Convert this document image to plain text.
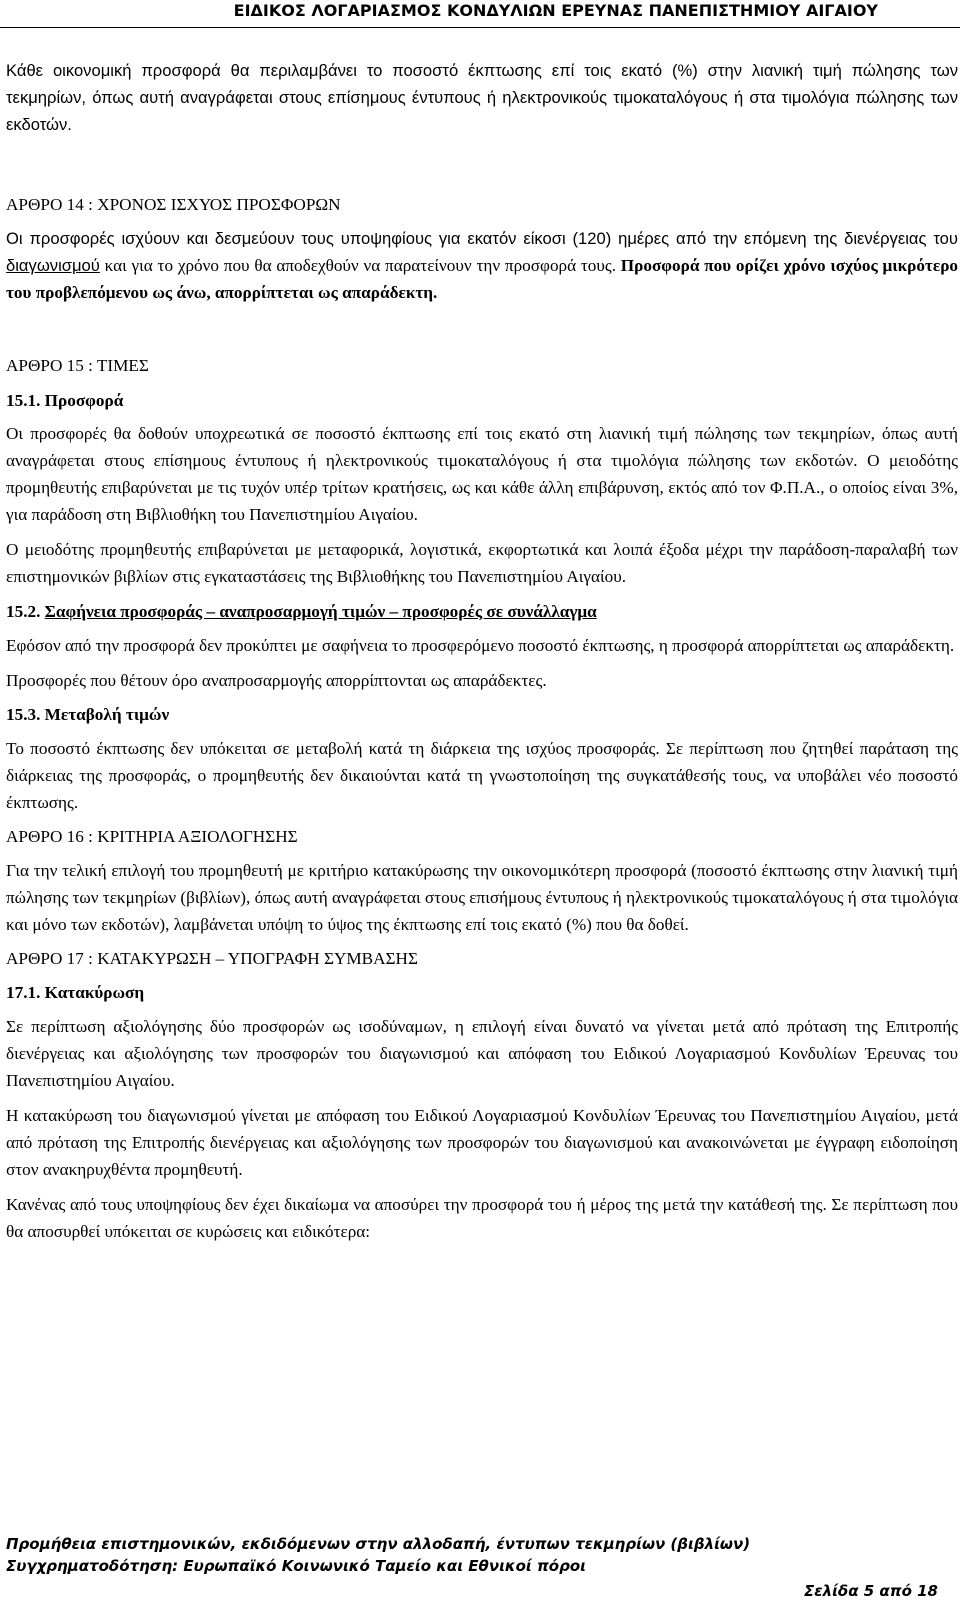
ΕΙΔΙΚΟΣ ΛΟΓΑΡΙΑΣΜΟΣ ΚΟΝΔΥΛΙΩΝ ΕΡΕΥΝΑΣ ΠΑΝΕΠΙΣΤΗΜΙΟΥ ΑΙΓΑΙΟΥ

Κάθε οικονομική προσφορά θα περιλαμβάνει το ποσοστό έκπτωσης επί τοις εκατό (%) στην λιανική τιμή πώλησης των τεκμηρίων, όπως αυτή αναγράφεται στους επίσημους έντυπους ή ηλεκτρονικούς τιμοκαταλόγους ή στα τιμολόγια πώλησης των εκδοτών.

ΑΡΘΡΟ 14 : ΧΡΟΝΟΣ ΙΣΧΥΟΣ ΠΡΟΣΦΟΡΩΝ

Οι προσφορές ισχύουν και δεσμεύουν τους υποψηφίους για εκατόν είκοσι (120) ημέρες από την επόμενη της διενέργειας του διαγωνισμού και για το χρόνο που θα αποδεχθούν να παρατείνουν την προσφορά τους. Προσφορά που ορίζει χρόνο ισχύος μικρότερο του προβλεπόμενου ως άνω, απορρίπτεται ως απαράδεκτη.

ΑΡΘΡΟ 15 : ΤΙΜΕΣ

15.1. Προσφορά

Οι προσφορές θα δοθούν υποχρεωτικά σε ποσοστό έκπτωσης επί τοις εκατό στη λιανική τιμή πώλησης των τεκμηρίων, όπως αυτή αναγράφεται στους επίσημους έντυπους ή ηλεκτρονικούς τιμοκαταλόγους ή στα τιμολόγια πώλησης των εκδοτών. Ο μειοδότης προμηθευτής επιβαρύνεται με τις τυχόν υπέρ τρίτων κρατήσεις, ως και κάθε άλλη επιβάρυνση, εκτός από τον Φ.Π.Α., ο οποίος είναι 3%, για παράδοση στη Βιβλιοθήκη του Πανεπιστημίου Αιγαίου.

Ο μειοδότης προμηθευτής επιβαρύνεται με μεταφορικά, λογιστικά, εκφορτωτικά και λοιπά έξοδα μέχρι την παράδοση-παραλαβή των επιστημονικών βιβλίων στις εγκαταστάσεις της Βιβλιοθήκης του Πανεπιστημίου Αιγαίου.

15.2. Σαφήνεια προσφοράς – αναπροσαρμογή τιμών – προσφορές σε συνάλλαγμα

Εφόσον από την προσφορά δεν προκύπτει με σαφήνεια το προσφερόμενο ποσοστό έκπτωσης, η προσφορά απορρίπτεται ως απαράδεκτη.

Προσφορές που θέτουν όρο αναπροσαρμογής απορρίπτονται ως απαράδεκτες.

15.3. Μεταβολή τιμών

Το ποσοστό έκπτωσης δεν υπόκειται σε μεταβολή κατά τη διάρκεια της ισχύος προσφοράς. Σε περίπτωση που ζητηθεί παράταση της διάρκειας της προσφοράς, ο προμηθευτής δεν δικαιούνται κατά τη γνωστοποίηση της συγκατάθεσής τους, να υποβάλει νέο ποσοστό έκπτωσης.

ΑΡΘΡΟ 16 : ΚΡΙΤΗΡΙΑ ΑΞΙΟΛΟΓΗΣΗΣ

Για την τελική επιλογή του προμηθευτή με κριτήριο κατακύρωσης την οικονομικότερη προσφορά (ποσοστό έκπτωσης στην λιανική τιμή πώλησης των τεκμηρίων (βιβλίων), όπως αυτή αναγράφεται στους επισήμους έντυπους ή ηλεκτρονικούς τιμοκαταλόγους ή στα τιμολόγια και μόνο των εκδοτών), λαμβάνεται υπόψη το ύψος της έκπτωσης επί τοις εκατό (%) που θα δοθεί.

ΑΡΘΡΟ 17 : ΚΑΤΑΚΥΡΩΣΗ – ΥΠΟΓΡΑΦΗ ΣΥΜΒΑΣΗΣ

17.1. Κατακύρωση

Σε περίπτωση αξιολόγησης δύο προσφορών ως ισοδύναμων, η επιλογή είναι δυνατό να γίνεται μετά από πρόταση της Επιτροπής διενέργειας και αξιολόγησης των προσφορών του διαγωνισμού και απόφαση του Ειδικού Λογαριασμού Κονδυλίων Έρευνας του Πανεπιστημίου Αιγαίου.

Η κατακύρωση του διαγωνισμού γίνεται με απόφαση του Ειδικού Λογαριασμού Κονδυλίων Έρευνας του Πανεπιστημίου Αιγαίου, μετά από πρόταση της Επιτροπής διενέργειας και αξιολόγησης των προσφορών του διαγωνισμού και ανακοινώνεται με έγγραφη ειδοποίηση στον ανακηρυχθέντα προμηθευτή.

Κανένας από τους υποψηφίους δεν έχει δικαίωμα να αποσύρει την προσφορά του ή μέρος της μετά την κατάθεσή της. Σε περίπτωση που θα αποσυρθεί υπόκειται σε κυρώσεις και ειδικότερα:

Προμήθεια επιστημονικών, εκδιδόμενων στην αλλοδαπή, έντυπων τεκμηρίων (βιβλίων)
Συγχρηματοδότηση: Ευρωπαϊκό Κοινωνικό Ταμείο και Εθνικοί πόροι
Σελίδα 5 από 18
